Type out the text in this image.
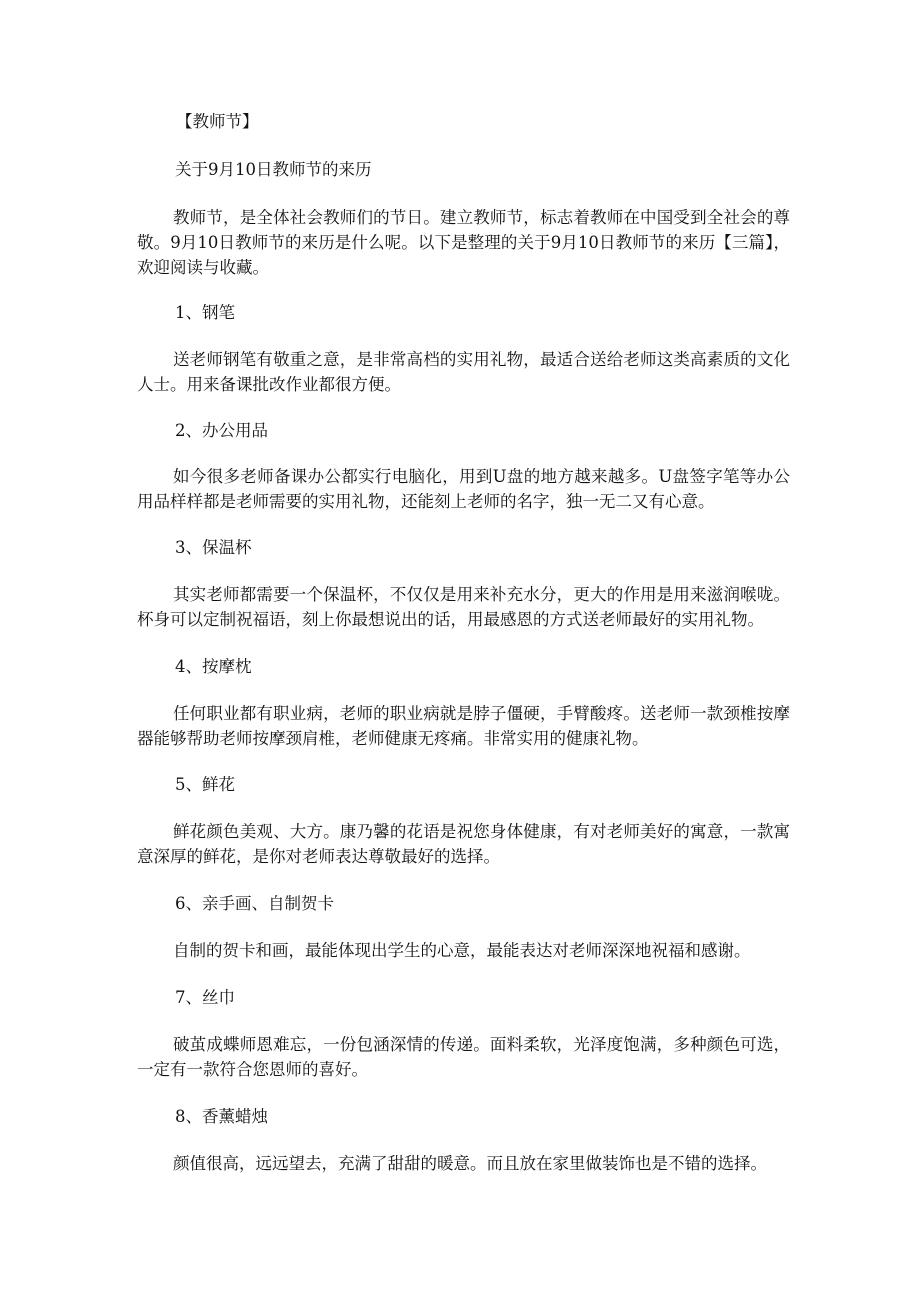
【教师节】
关于9月10日教师节的来历
教师节，是全体社会教师们的节日。建立教师节，标志着教师在中国受到全社会的尊敬。9月10日教师节的来历是什么呢。以下是整理的关于9月10日教师节的来历【三篇】，欢迎阅读与收藏。
1、钢笔
送老师钢笔有敬重之意，是非常高档的实用礼物，最适合送给老师这类高素质的文化人士。用来备课批改作业都很方便。
2、办公用品
如今很多老师备课办公都实行电脑化，用到U盘的地方越来越多。U盘签字笔等办公用品样样都是老师需要的实用礼物，还能刻上老师的名字，独一无二又有心意。
3、保温杯
其实老师都需要一个保温杯，不仅仅是用来补充水分，更大的作用是用来滋润喉咙。杯身可以定制祝福语，刻上你最想说出的话，用最感恩的方式送老师最好的实用礼物。
4、按摩枕
任何职业都有职业病，老师的职业病就是脖子僵硬，手臂酸疼。送老师一款颈椎按摩器能够帮助老师按摩颈肩椎，老师健康无疼痛。非常实用的健康礼物。
5、鲜花
鲜花颜色美观、大方。康乃馨的花语是祝您身体健康，有对老师美好的寓意，一款寓意深厚的鲜花，是你对老师表达尊敬最好的选择。
6、亲手画、自制贺卡
自制的贺卡和画，最能体现出学生的心意，最能表达对老师深深地祝福和感谢。
7、丝巾
破茧成蝶师恩难忘，一份包涵深情的传递。面料柔软，光泽度饱满，多种颜色可选，一定有一款符合您恩师的喜好。
8、香薰蜡烛
颜值很高，远远望去，充满了甜甜的暖意。而且放在家里做装饰也是不错的选择。
